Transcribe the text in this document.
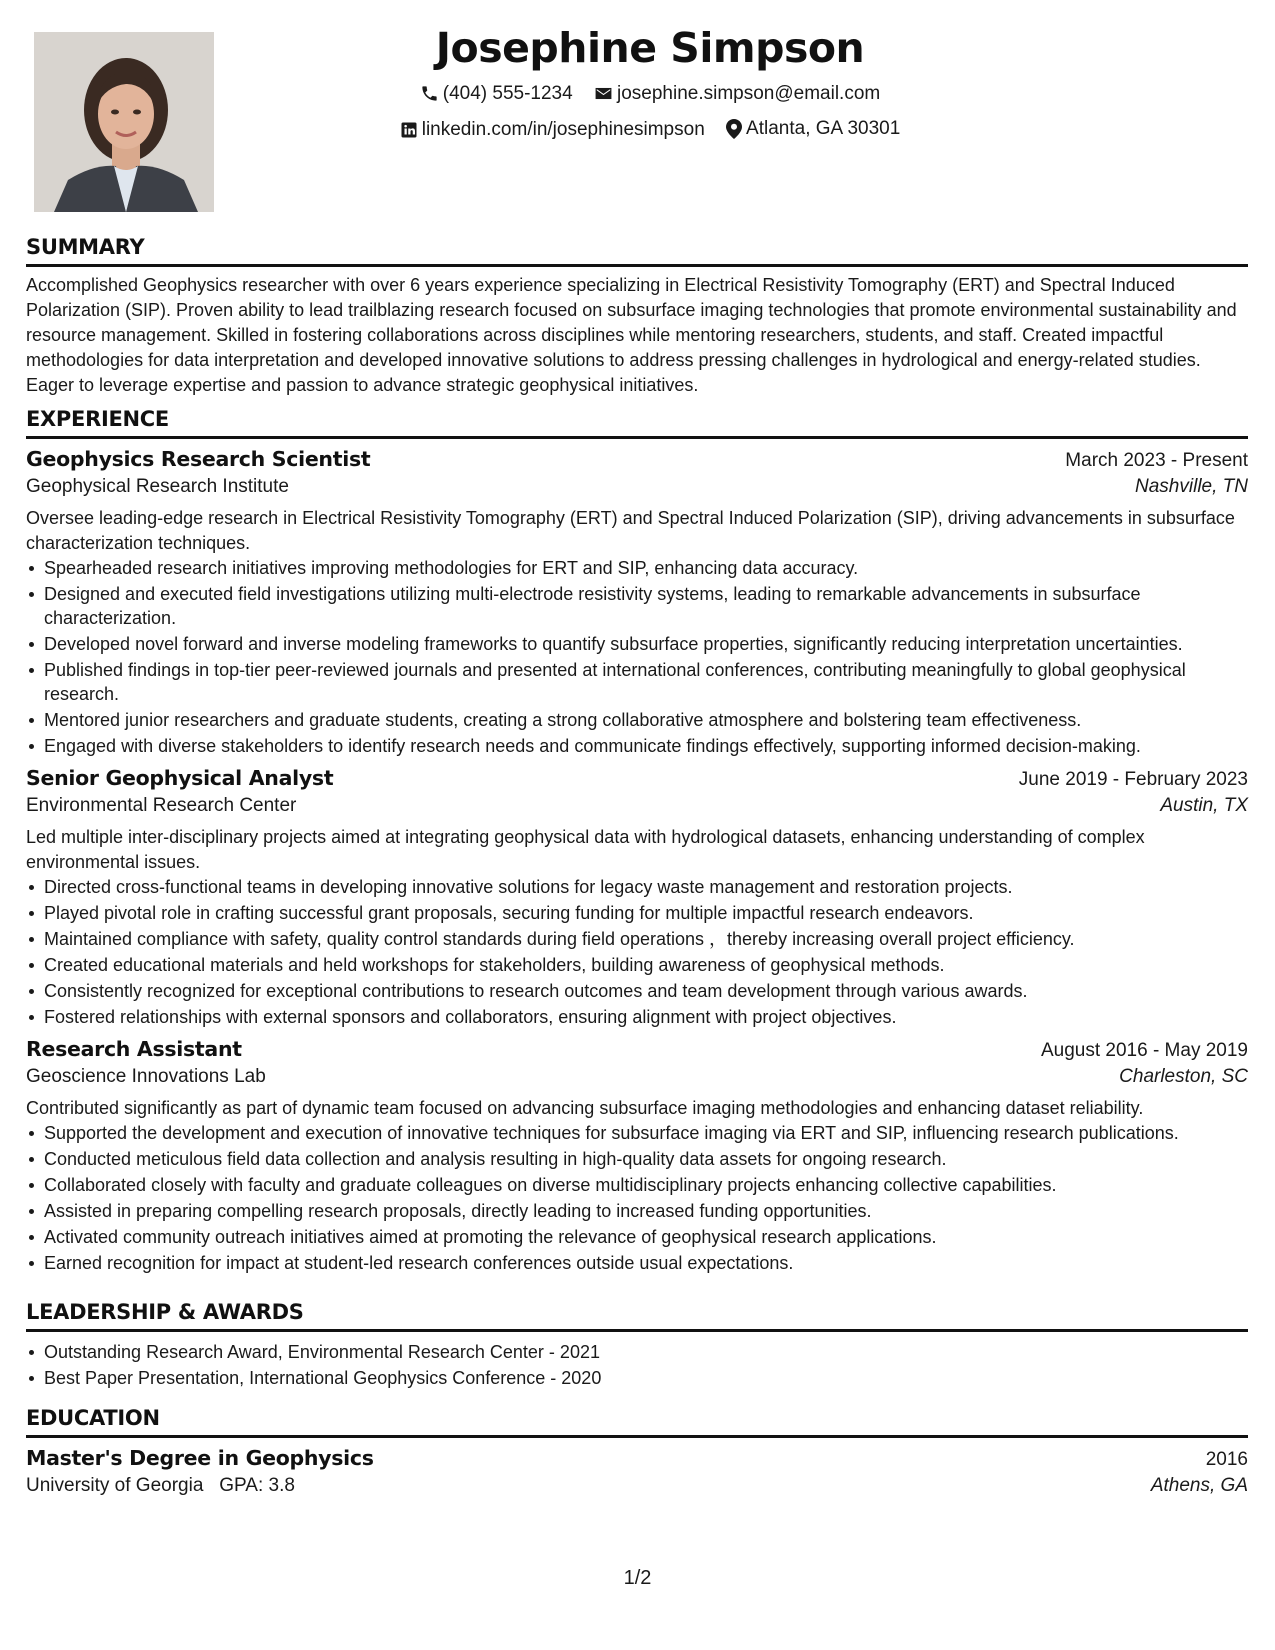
Josephine Simpson
(404) 555-1234
josephine.simpson@email.com
linkedin.com/in/josephinesimpson
Atlanta, GA 30301
SUMMARY
Accomplished Geophysics researcher with over 6 years experience specializing in Electrical Resistivity Tomography (ERT) and Spectral Induced Polarization (SIP). Proven ability to lead trailblazing research focused on subsurface imaging technologies that promote environmental sustainability and resource management. Skilled in fostering collaborations across disciplines while mentoring researchers, students, and staff. Created impactful methodologies for data interpretation and developed innovative solutions to address pressing challenges in hydrological and energy-related studies. Eager to leverage expertise and passion to advance strategic geophysical initiatives.
EXPERIENCE
Geophysics Research Scientist	March 2023 - Present
Geophysical Research Institute	Nashville, TN
Oversee leading-edge research in Electrical Resistivity Tomography (ERT) and Spectral Induced Polarization (SIP), driving advancements in subsurface characterization techniques.
Spearheaded research initiatives improving methodologies for ERT and SIP, enhancing data accuracy.
Designed and executed field investigations utilizing multi-electrode resistivity systems, leading to remarkable advancements in subsurface characterization.
Developed novel forward and inverse modeling frameworks to quantify subsurface properties, significantly reducing interpretation uncertainties.
Published findings in top-tier peer-reviewed journals and presented at international conferences, contributing meaningfully to global geophysical research.
Mentored junior researchers and graduate students, creating a strong collaborative atmosphere and bolstering team effectiveness.
Engaged with diverse stakeholders to identify research needs and communicate findings effectively, supporting informed decision-making.
Senior Geophysical Analyst	June 2019 - February 2023
Environmental Research Center	Austin, TX
Led multiple inter-disciplinary projects aimed at integrating geophysical data with hydrological datasets, enhancing understanding of complex environmental issues.
Directed cross-functional teams in developing innovative solutions for legacy waste management and restoration projects.
Played pivotal role in crafting successful grant proposals, securing funding for multiple impactful research endeavors.
Maintained compliance with safety, quality control standards during field operations ，thereby increasing overall project efficiency.
Created educational materials and held workshops for stakeholders, building awareness of geophysical methods.
Consistently recognized for exceptional contributions to research outcomes and team development through various awards.
Fostered relationships with external sponsors and collaborators, ensuring alignment with project objectives.
Research Assistant	August 2016 - May 2019
Geoscience Innovations Lab	Charleston, SC
Contributed significantly as part of dynamic team focused on advancing subsurface imaging methodologies and enhancing dataset reliability.
Supported the development and execution of innovative techniques for subsurface imaging via ERT and SIP, influencing research publications.
Conducted meticulous field data collection and analysis resulting in high-quality data assets for ongoing research.
Collaborated closely with faculty and graduate colleagues on diverse multidisciplinary projects enhancing collective capabilities.
Assisted in preparing compelling research proposals, directly leading to increased funding opportunities.
Activated community outreach initiatives aimed at promoting the relevance of geophysical research applications.
Earned recognition for impact at student-led research conferences outside usual expectations.
LEADERSHIP & AWARDS
Outstanding Research Award, Environmental Research Center - 2021
Best Paper Presentation, International Geophysics Conference - 2020
EDUCATION
Master's Degree in Geophysics	2016
University of Georgia GPA: 3.8	Athens, GA
1/2
